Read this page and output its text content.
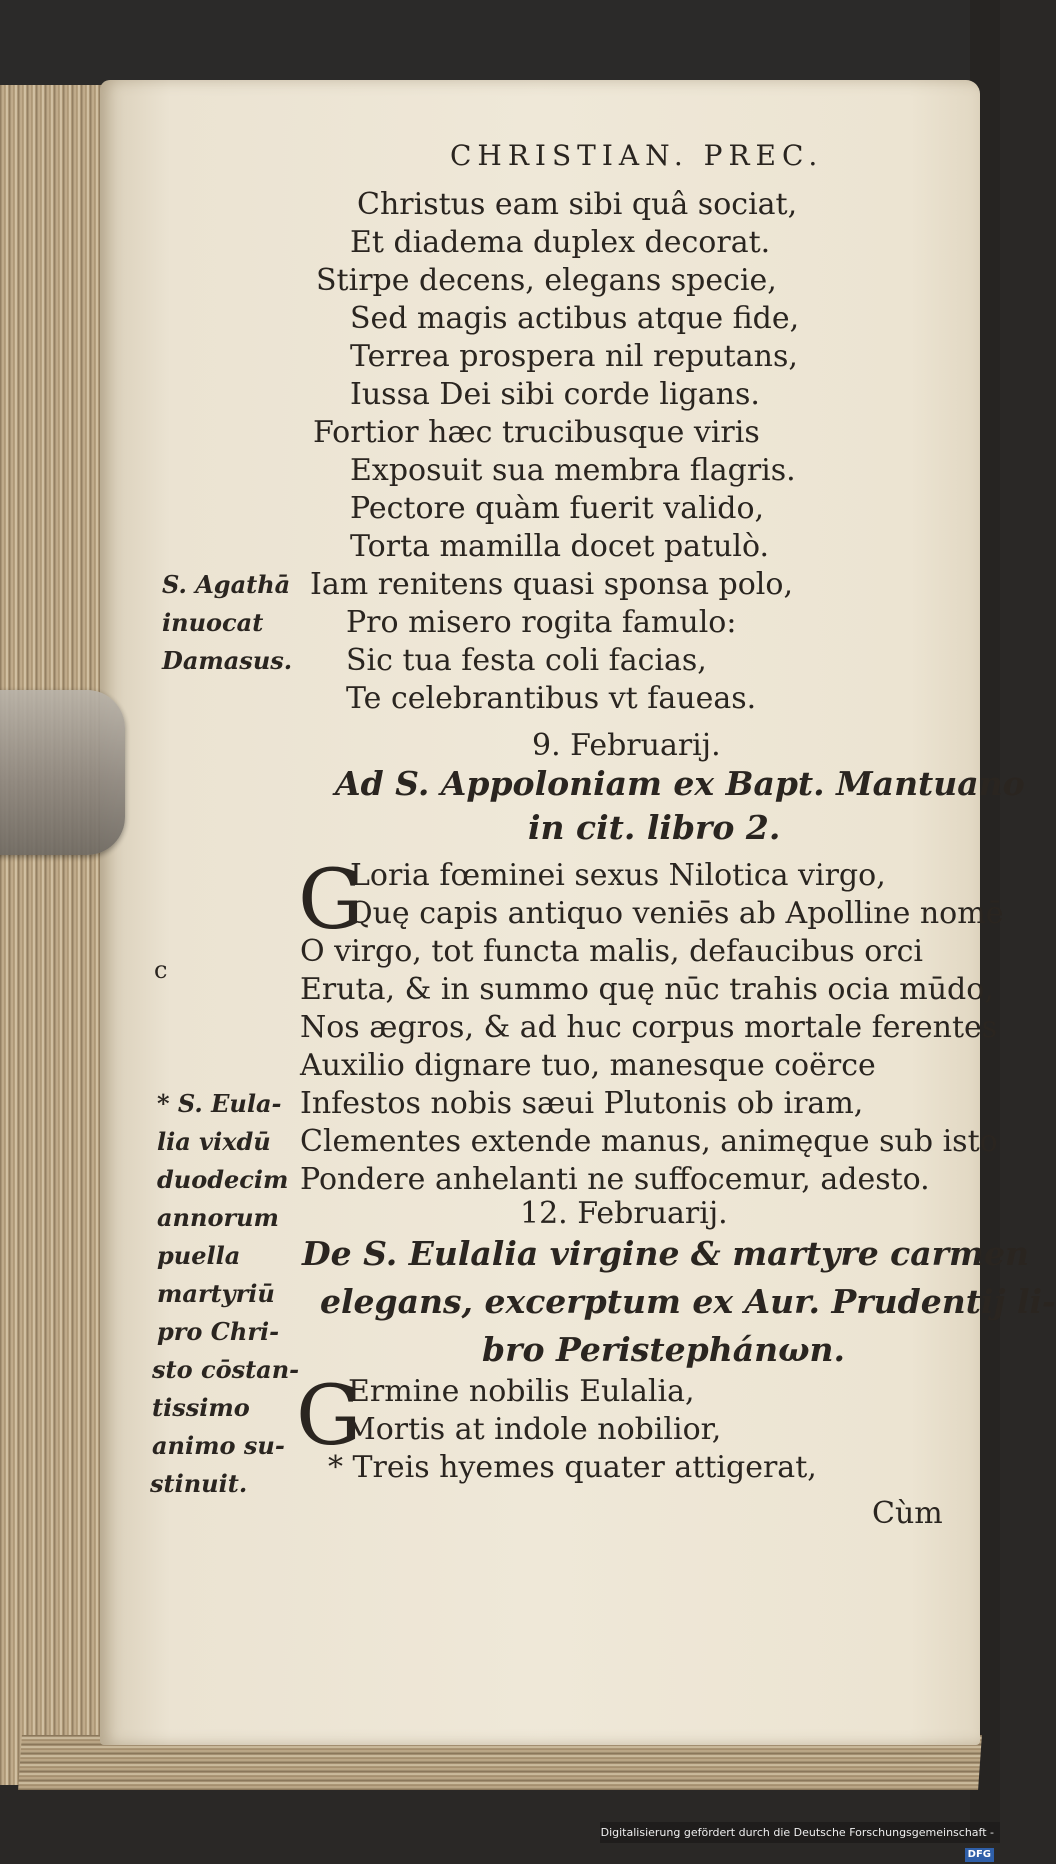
CHRISTIAN. PREC.
Christus eam sibi quâ sociat,
Et diadema duplex decorat.
Stirpe decens, elegans specie,
Sed magis actibus atque fide,
Terrea prospera nil reputans,
Iussa Dei sibi corde ligans.
Fortior hæc trucibusque viris
Exposuit sua membra flagris.
Pectore quàm fuerit valido,
Torta mamilla docet patulò.
Iam renitens quasi sponsa polo,
Pro misero rogita famulo:
Sic tua festa coli facias,
Te celebrantibus vt faueas.
S. Agathā
inuocat
Damasus.
9. Februarij.
Ad S. Appoloniam ex Bapt. Mantuano
in cit. libro 2.
G
Loria fœminei sexus Nilotica virgo,
Quę capis antiquo veniēs ab Apolline nomē
O virgo, tot functa malis, defaucibus orci
Eruta, & in summo quę nūc trahis ocia mūdo,
Nos ægros, & ad huc corpus mortale ferentes
Auxilio dignare tuo, manesque coërce
Infestos nobis sæui Plutonis ob iram,
Clementes extende manus, animęque sub isto
Pondere anhelanti ne suffocemur, adesto.
c
* S. Eula-
lia vixdū
duodecim
annorum
puella
martyriū
pro Chri-
sto cōstan-
tissimo
animo su-
stinuit.
12. Februarij.
De S. Eulalia virgine & martyre carmen
elegans, excerptum ex Aur. Prudentij li-
bro Peristephánωn.
G
Ermine nobilis Eulalia,
Mortis at indole nobilior,
* Treis hyemes quater attigerat,
Cùm
Digitalisierung gefördert durch die Deutsche Forschungsgemeinschaft -DFG
